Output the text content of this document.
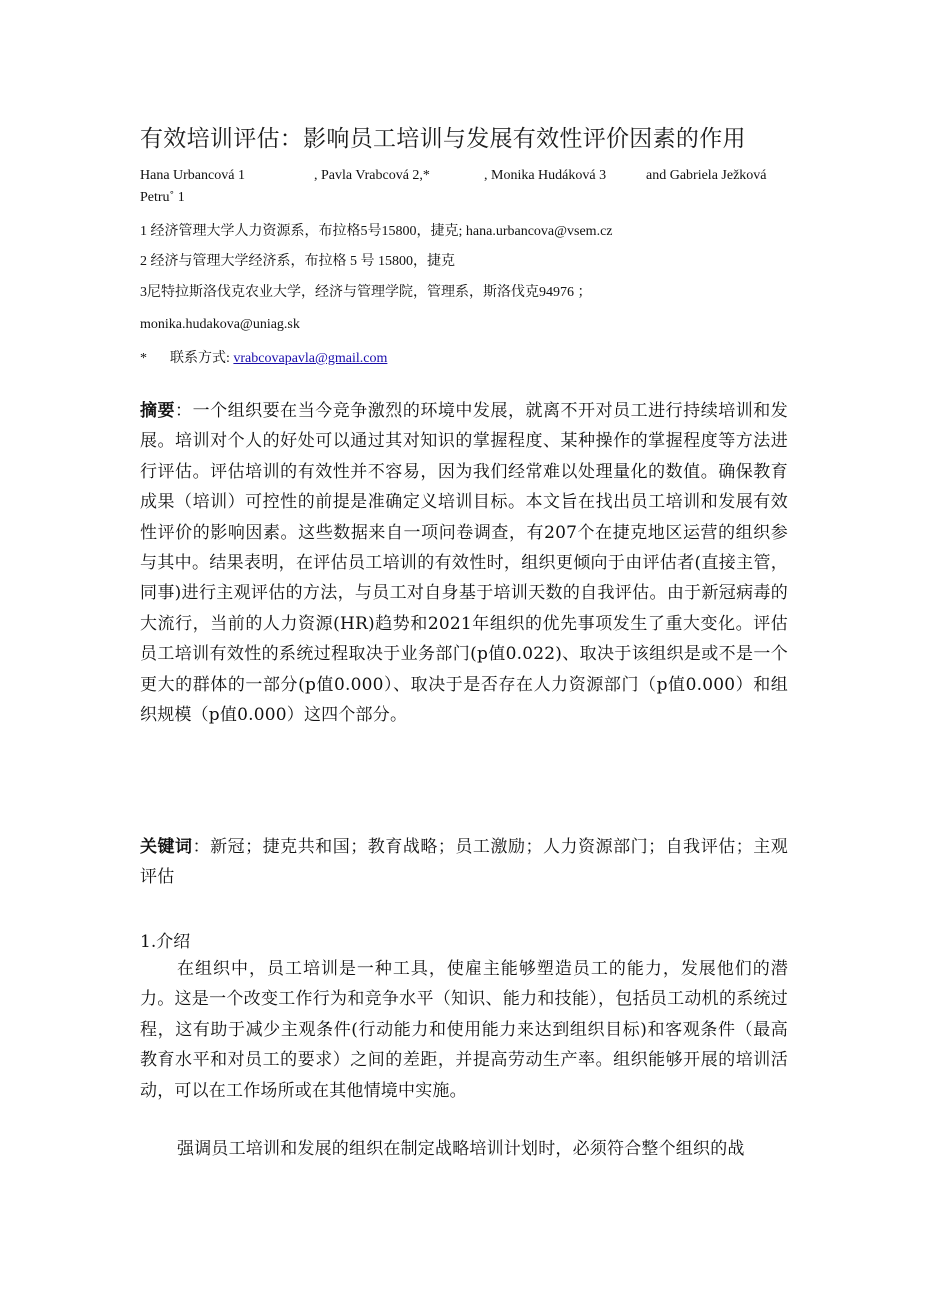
有效培训评估：影响员工培训与发展有效性评价因素的作用
Hana Urbancová 1	, Pavla Vrabcová 2,*	, Monika Hudáková 3	and Gabriela Ježková
Petru˚ 1
1 经济管理大学人力资源系，布拉格5号15800，捷克; hana.urbancova@vsem.cz
2 经济与管理大学经济系，布拉格 5 号 15800，捷克
3尼特拉斯洛伐克农业大学，经济与管理学院，管理系，斯洛伐克94976 ；
monika.hudakova@uniag.sk
* 联系方式: vrabcovapavla@gmail.com
摘要：一个组织要在当今竞争激烈的环境中发展，就离不开对员工进行持续培训和发展。培训对个人的好处可以通过其对知识的掌握程度、某种操作的掌握程度等方法进行评估。评估培训的有效性并不容易，因为我们经常难以处理量化的数值。确保教育成果（培训）可控性的前提是准确定义培训目标。本文旨在找出员工培训和发展有效性评价的影响因素。这些数据来自一项问卷调查，有207个在捷克地区运营的组织参与其中。结果表明，在评估员工培训的有效性时，组织更倾向于由评估者(直接主管，同事)进行主观评估的方法，与员工对自身基于培训天数的自我评估。由于新冠病毒的大流行，当前的人力资源(HR)趋势和2021年组织的优先事项发生了重大变化。评估员工培训有效性的系统过程取决于业务部门(p值0.022)、取决于该组织是或不是一个更大的群体的一部分(p值0.000）、取决于是否存在人力资源部门（p值0.000）和组织规模（p值0.000）这四个部分。
关键词：新冠；捷克共和国；教育战略；员工激励；人力资源部门；自我评估；主观评估
1.介绍
在组织中，员工培训是一种工具，使雇主能够塑造员工的能力，发展他们的潜力。这是一个改变工作行为和竞争水平（知识、能力和技能），包括员工动机的系统过程，这有助于减少主观条件(行动能力和使用能力来达到组织目标)和客观条件（最高教育水平和对员工的要求）之间的差距，并提高劳动生产率。组织能够开展的培训活动，可以在工作场所或在其他情境中实施。
强调员工培训和发展的组织在制定战略培训计划时，必须符合整个组织的战
